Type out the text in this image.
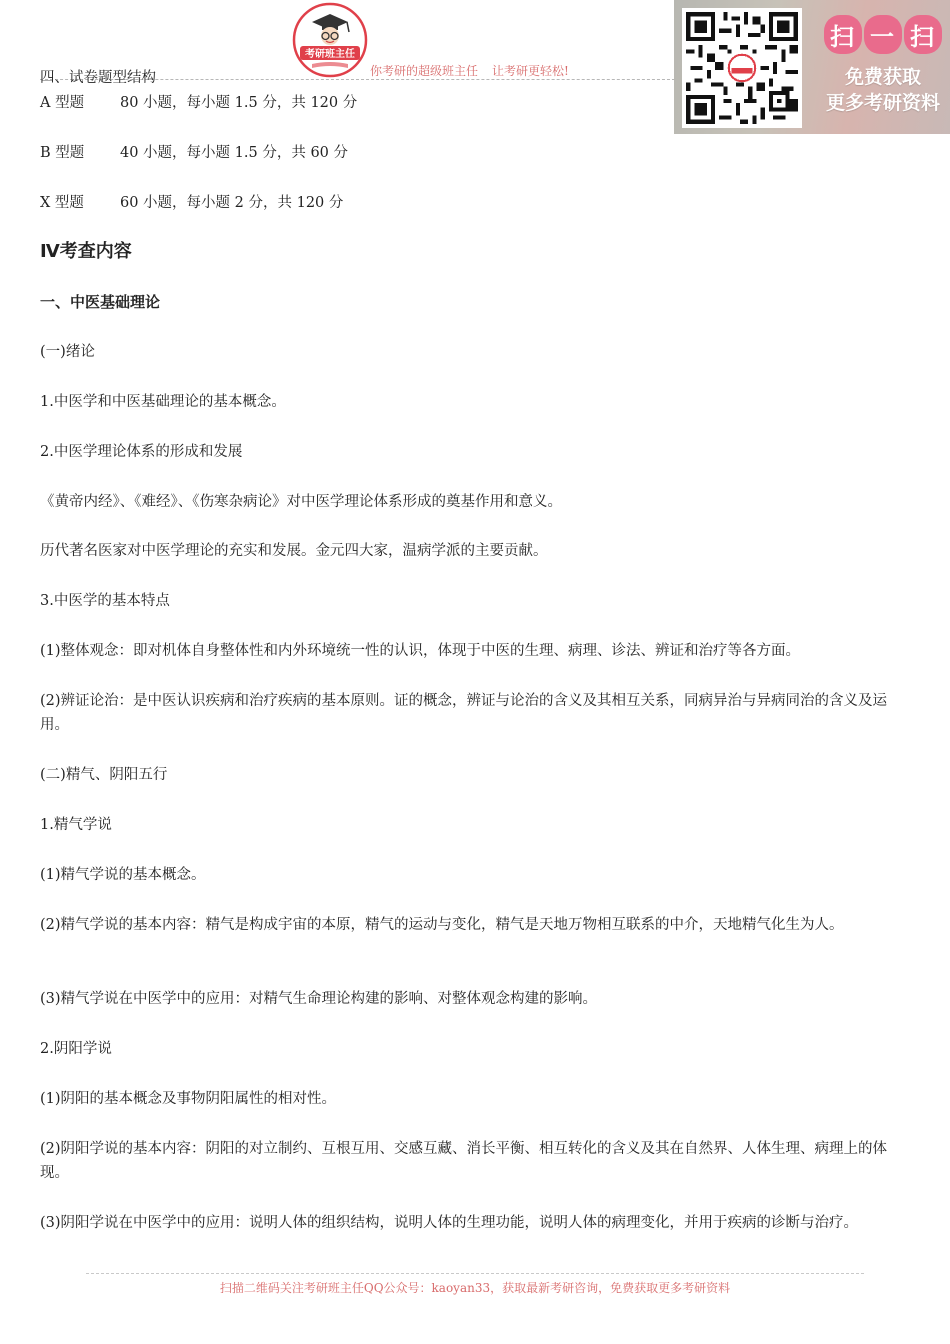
考研班主任
你考研的超级班主任 让考研更轻松!
扫 一 扫
免费获取
更多考研资料
四、试卷题型结构
A 型题 80 小题，每小题 1.5 分，共 120 分
B 型题 40 小题，每小题 1.5 分，共 60 分
X 型题 60 小题，每小题 2 分，共 120 分
Ⅳ考查内容
一、中医基础理论
(一)绪论
1.中医学和中医基础理论的基本概念。
2.中医学理论体系的形成和发展
《黄帝内经》、《难经》、《伤寒杂病论》对中医学理论体系形成的奠基作用和意义。
历代著名医家对中医学理论的充实和发展。金元四大家，温病学派的主要贡献。
3.中医学的基本特点
(1)整体观念：即对机体自身整体性和内外环境统一性的认识，体现于中医的生理、病理、诊法、辨证和治疗等各方面。
(2)辨证论治：是中医认识疾病和治疗疾病的基本原则。证的概念，辨证与论治的含义及其相互关系，同病异治与异病同治的含义及运用。
(二)精气、阴阳五行
1.精气学说
(1)精气学说的基本概念。
(2)精气学说的基本内容：精气是构成宇宙的本原，精气的运动与变化，精气是天地万物相互联系的中介，天地精气化生为人。
(3)精气学说在中医学中的应用：对精气生命理论构建的影响、对整体观念构建的影响。
2.阴阳学说
(1)阴阳的基本概念及事物阴阳属性的相对性。
(2)阴阳学说的基本内容：阴阳的对立制约、互根互用、交感互藏、消长平衡、相互转化的含义及其在自然界、人体生理、病理上的体现。
(3)阴阳学说在中医学中的应用：说明人体的组织结构，说明人体的生理功能，说明人体的病理变化，并用于疾病的诊断与治疗。
扫描二维码关注考研班主任QQ公众号：kaoyan33，获取最新考研咨询，免费获取更多考研资料
